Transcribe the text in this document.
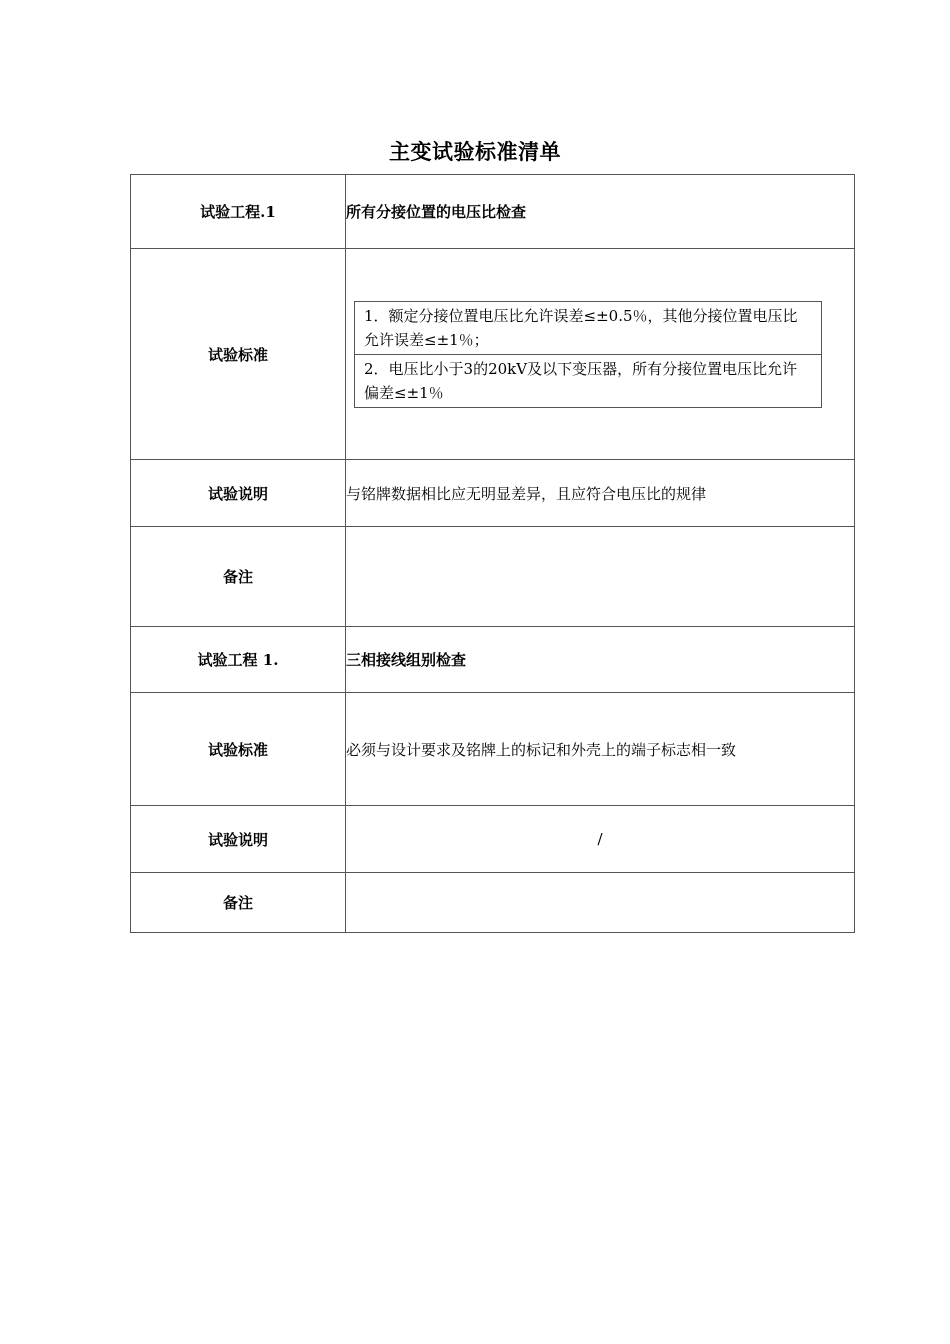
主变试验标准清单
试验工程.1	所有分接位置的电压比检查
试验标准	1．额定分接位置电压比允许误差≤±0.5％，其他分接位置电压比允许误差≤±1％；
2．电压比小于3的20kV及以下变压器，所有分接位置电压比允许偏差≤±1％

试验说明	与铭牌数据相比应无明显差异，且应符合电压比的规律
备注	
试验工程 1.	三相接线组别检查
试验标准	必须与设计要求及铭牌上的标记和外壳上的端子标志相一致
试验说明	/
备注	
